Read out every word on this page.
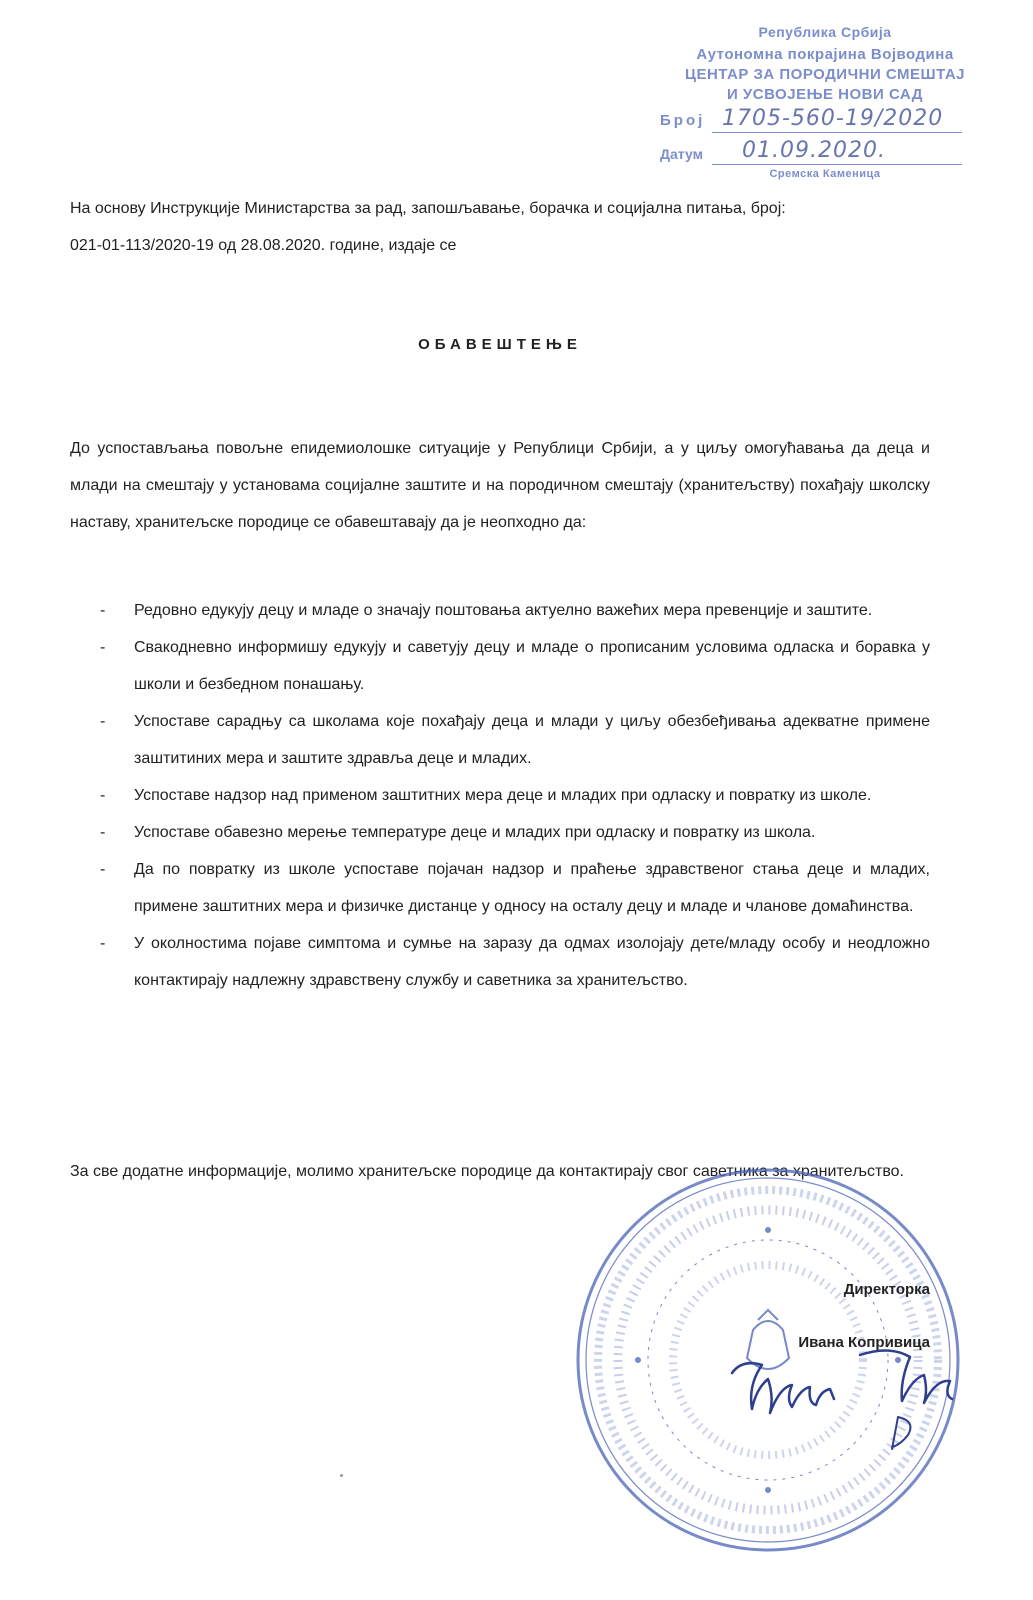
Република Србија
Аутономна покрајина Војводина
ЦЕНТАР ЗА ПОРОДИЧНИ СМЕШТАЈ
И УСВОЈЕЊЕ НОВИ САД
Број 1705-560-19/2020
Датум 01.09.2020.
Сремска Каменица
На основу Инструкције Министарства за рад, запошљавање, борачка и социјална питања, број:
021-01-113/2020-19 од 28.08.2020. године, издаје се
ОБАВЕШТЕЊЕ
До успостављања повољне епидемиолошке ситуације у Републици Србији, а у циљу омогућавања да деца и млади на смештају у установама социјалне заштите и на породичном смештају (хранитељству) похађају школску наставу, хранитељске породице се обавештавају да је неопходно да:
- Редовно едукују децу и младе о значају поштовања актуелно важећих мера превенције и заштите.
- Свакодневно информишу едукују и саветују децу и младе о прописаним условима одласка и боравка у школи и безбедном понашању.
- Успоставе сарадњу са школама које похађају деца и млади у циљу обезбеђивања адекватне примене заштитиних мера и заштите здравља деце и младих.
- Успоставе надзор над применом заштитних мера деце и младих при одласку и повратку из школе.
- Успоставе обавезно мерење температуре деце и младих при одласку и повратку из школа.
- Да по повратку из школе успоставе појачан надзор и праћење здравственог стања деце и младих, примене заштитних мера и физичке дистанце у односу на осталу децу и младе и чланове домаћинства.
- У околностима појаве симптома и сумње на заразу да одмах изолојају дете/младу особу и неодложно контактирају надлежну здравствену службу и саветника за хранитељство.
За све додатне информације, молимо хранитељске породице да контактирају свог саветника за хранитељство.
Директорка
Ивана Копривица
